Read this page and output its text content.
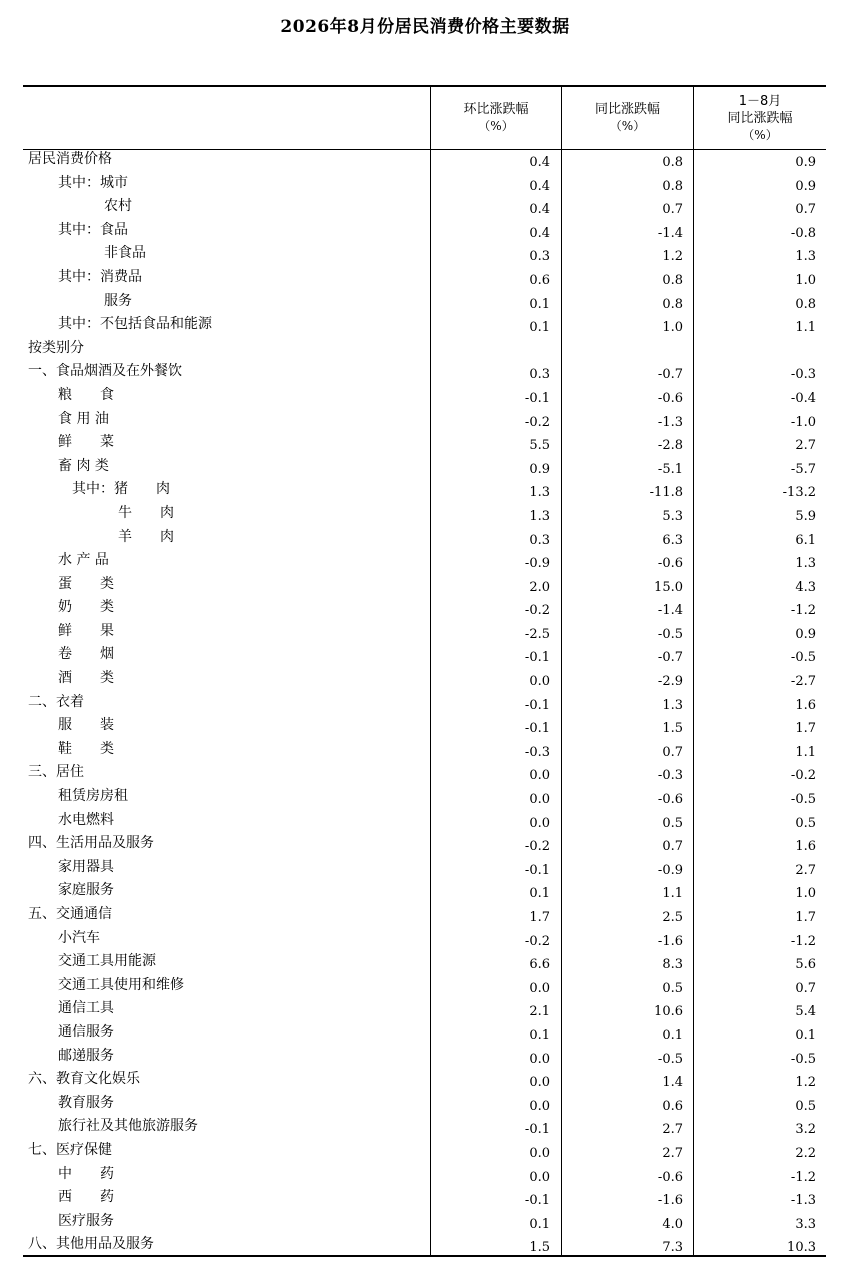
2026年8月份居民消费价格主要数据
环比涨跌幅
（%）
同比涨跌幅
（%）
1－8月
同比涨跌幅
（%）
居民消费价格	0.4	0.8	0.9
其中：城市	0.4	0.8	0.9
农村	0.4	0.7	0.7
其中：食品	0.4	-1.4	-0.8
非食品	0.3	1.2	1.3
其中：消费品	0.6	0.8	1.0
服务	0.1	0.8	0.8
其中：不包括食品和能源	0.1	1.0	1.1
按类别分
一、食品烟酒及在外餐饮	0.3	-0.7	-0.3
粮　　食	-0.1	-0.6	-0.4
食 用 油	-0.2	-1.3	-1.0
鲜　　菜	5.5	-2.8	2.7
畜 肉 类	0.9	-5.1	-5.7
其中：猪　　肉	1.3	-11.8	-13.2
牛　　肉	1.3	5.3	5.9
羊　　肉	0.3	6.3	6.1
水 产 品	-0.9	-0.6	1.3
蛋　　类	2.0	15.0	4.3
奶　　类	-0.2	-1.4	-1.2
鲜　　果	-2.5	-0.5	0.9
卷　　烟	-0.1	-0.7	-0.5
酒　　类	0.0	-2.9	-2.7
二、衣着	-0.1	1.3	1.6
服　　装	-0.1	1.5	1.7
鞋　　类	-0.3	0.7	1.1
三、居住	0.0	-0.3	-0.2
租赁房房租	0.0	-0.6	-0.5
水电燃料	0.0	0.5	0.5
四、生活用品及服务	-0.2	0.7	1.6
家用器具	-0.1	-0.9	2.7
家庭服务	0.1	1.1	1.0
五、交通通信	1.7	2.5	1.7
小汽车	-0.2	-1.6	-1.2
交通工具用能源	6.6	8.3	5.6
交通工具使用和维修	0.0	0.5	0.7
通信工具	2.1	10.6	5.4
通信服务	0.1	0.1	0.1
邮递服务	0.0	-0.5	-0.5
六、教育文化娱乐	0.0	1.4	1.2
教育服务	0.0	0.6	0.5
旅行社及其他旅游服务	-0.1	2.7	3.2
七、医疗保健	0.0	2.7	2.2
中　　药	0.0	-0.6	-1.2
西　　药	-0.1	-1.6	-1.3
医疗服务	0.1	4.0	3.3
八、其他用品及服务	1.5	7.3	10.3
